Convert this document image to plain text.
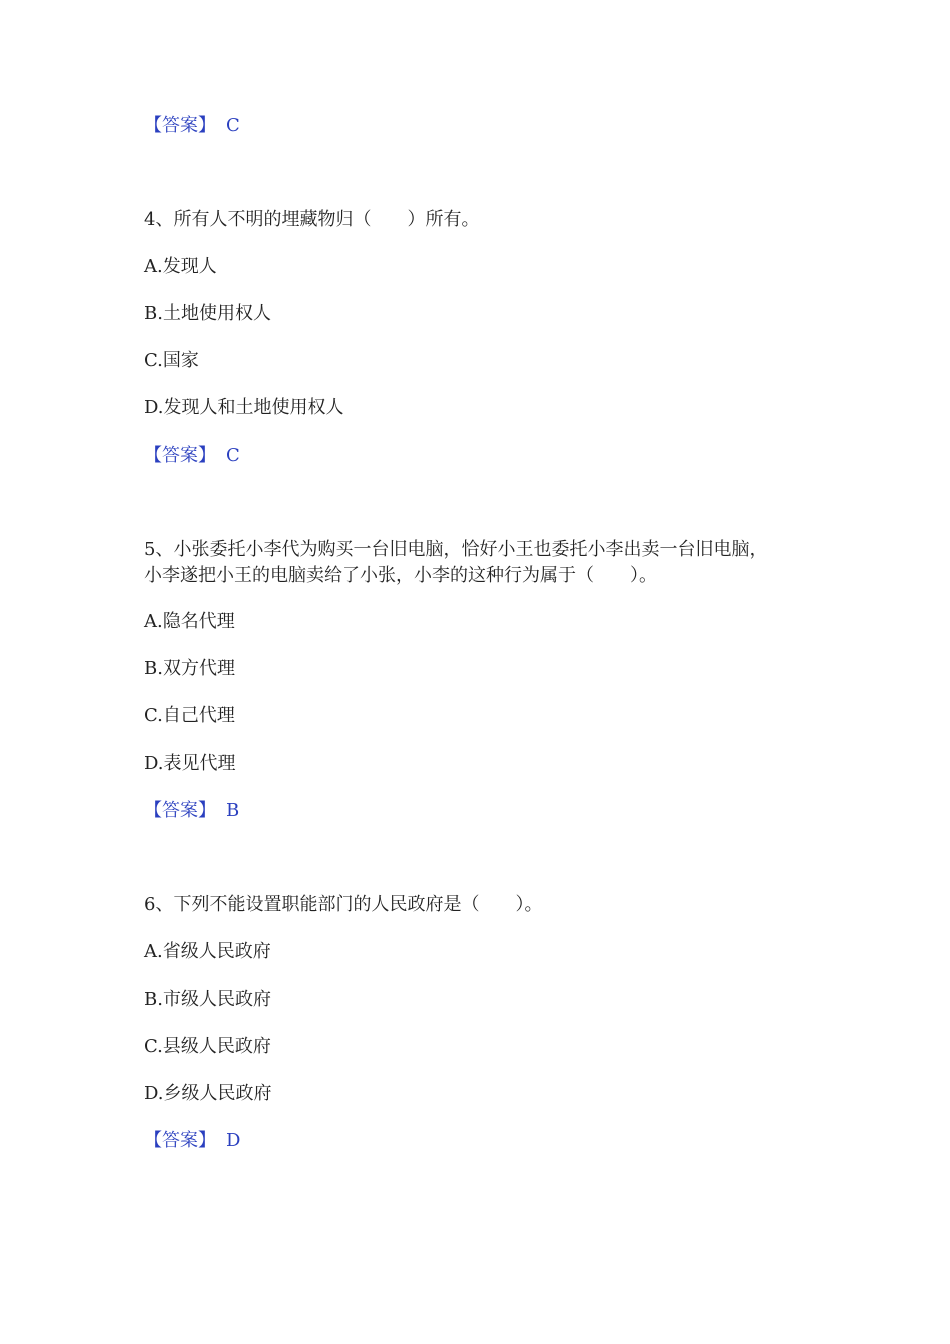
【答案】 C
4、所有人不明的埋藏物归（　　）所有。
A.发现人
B.土地使用权人
C.国家
D.发现人和土地使用权人
【答案】 C
5、小张委托小李代为购买一台旧电脑，恰好小王也委托小李出卖一台旧电脑，
小李遂把小王的电脑卖给了小张，小李的这种行为属于（　　）。
A.隐名代理
B.双方代理
C.自己代理
D.表见代理
【答案】 B
6、下列不能设置职能部门的人民政府是（　　）。
A.省级人民政府
B.市级人民政府
C.县级人民政府
D.乡级人民政府
【答案】 D
